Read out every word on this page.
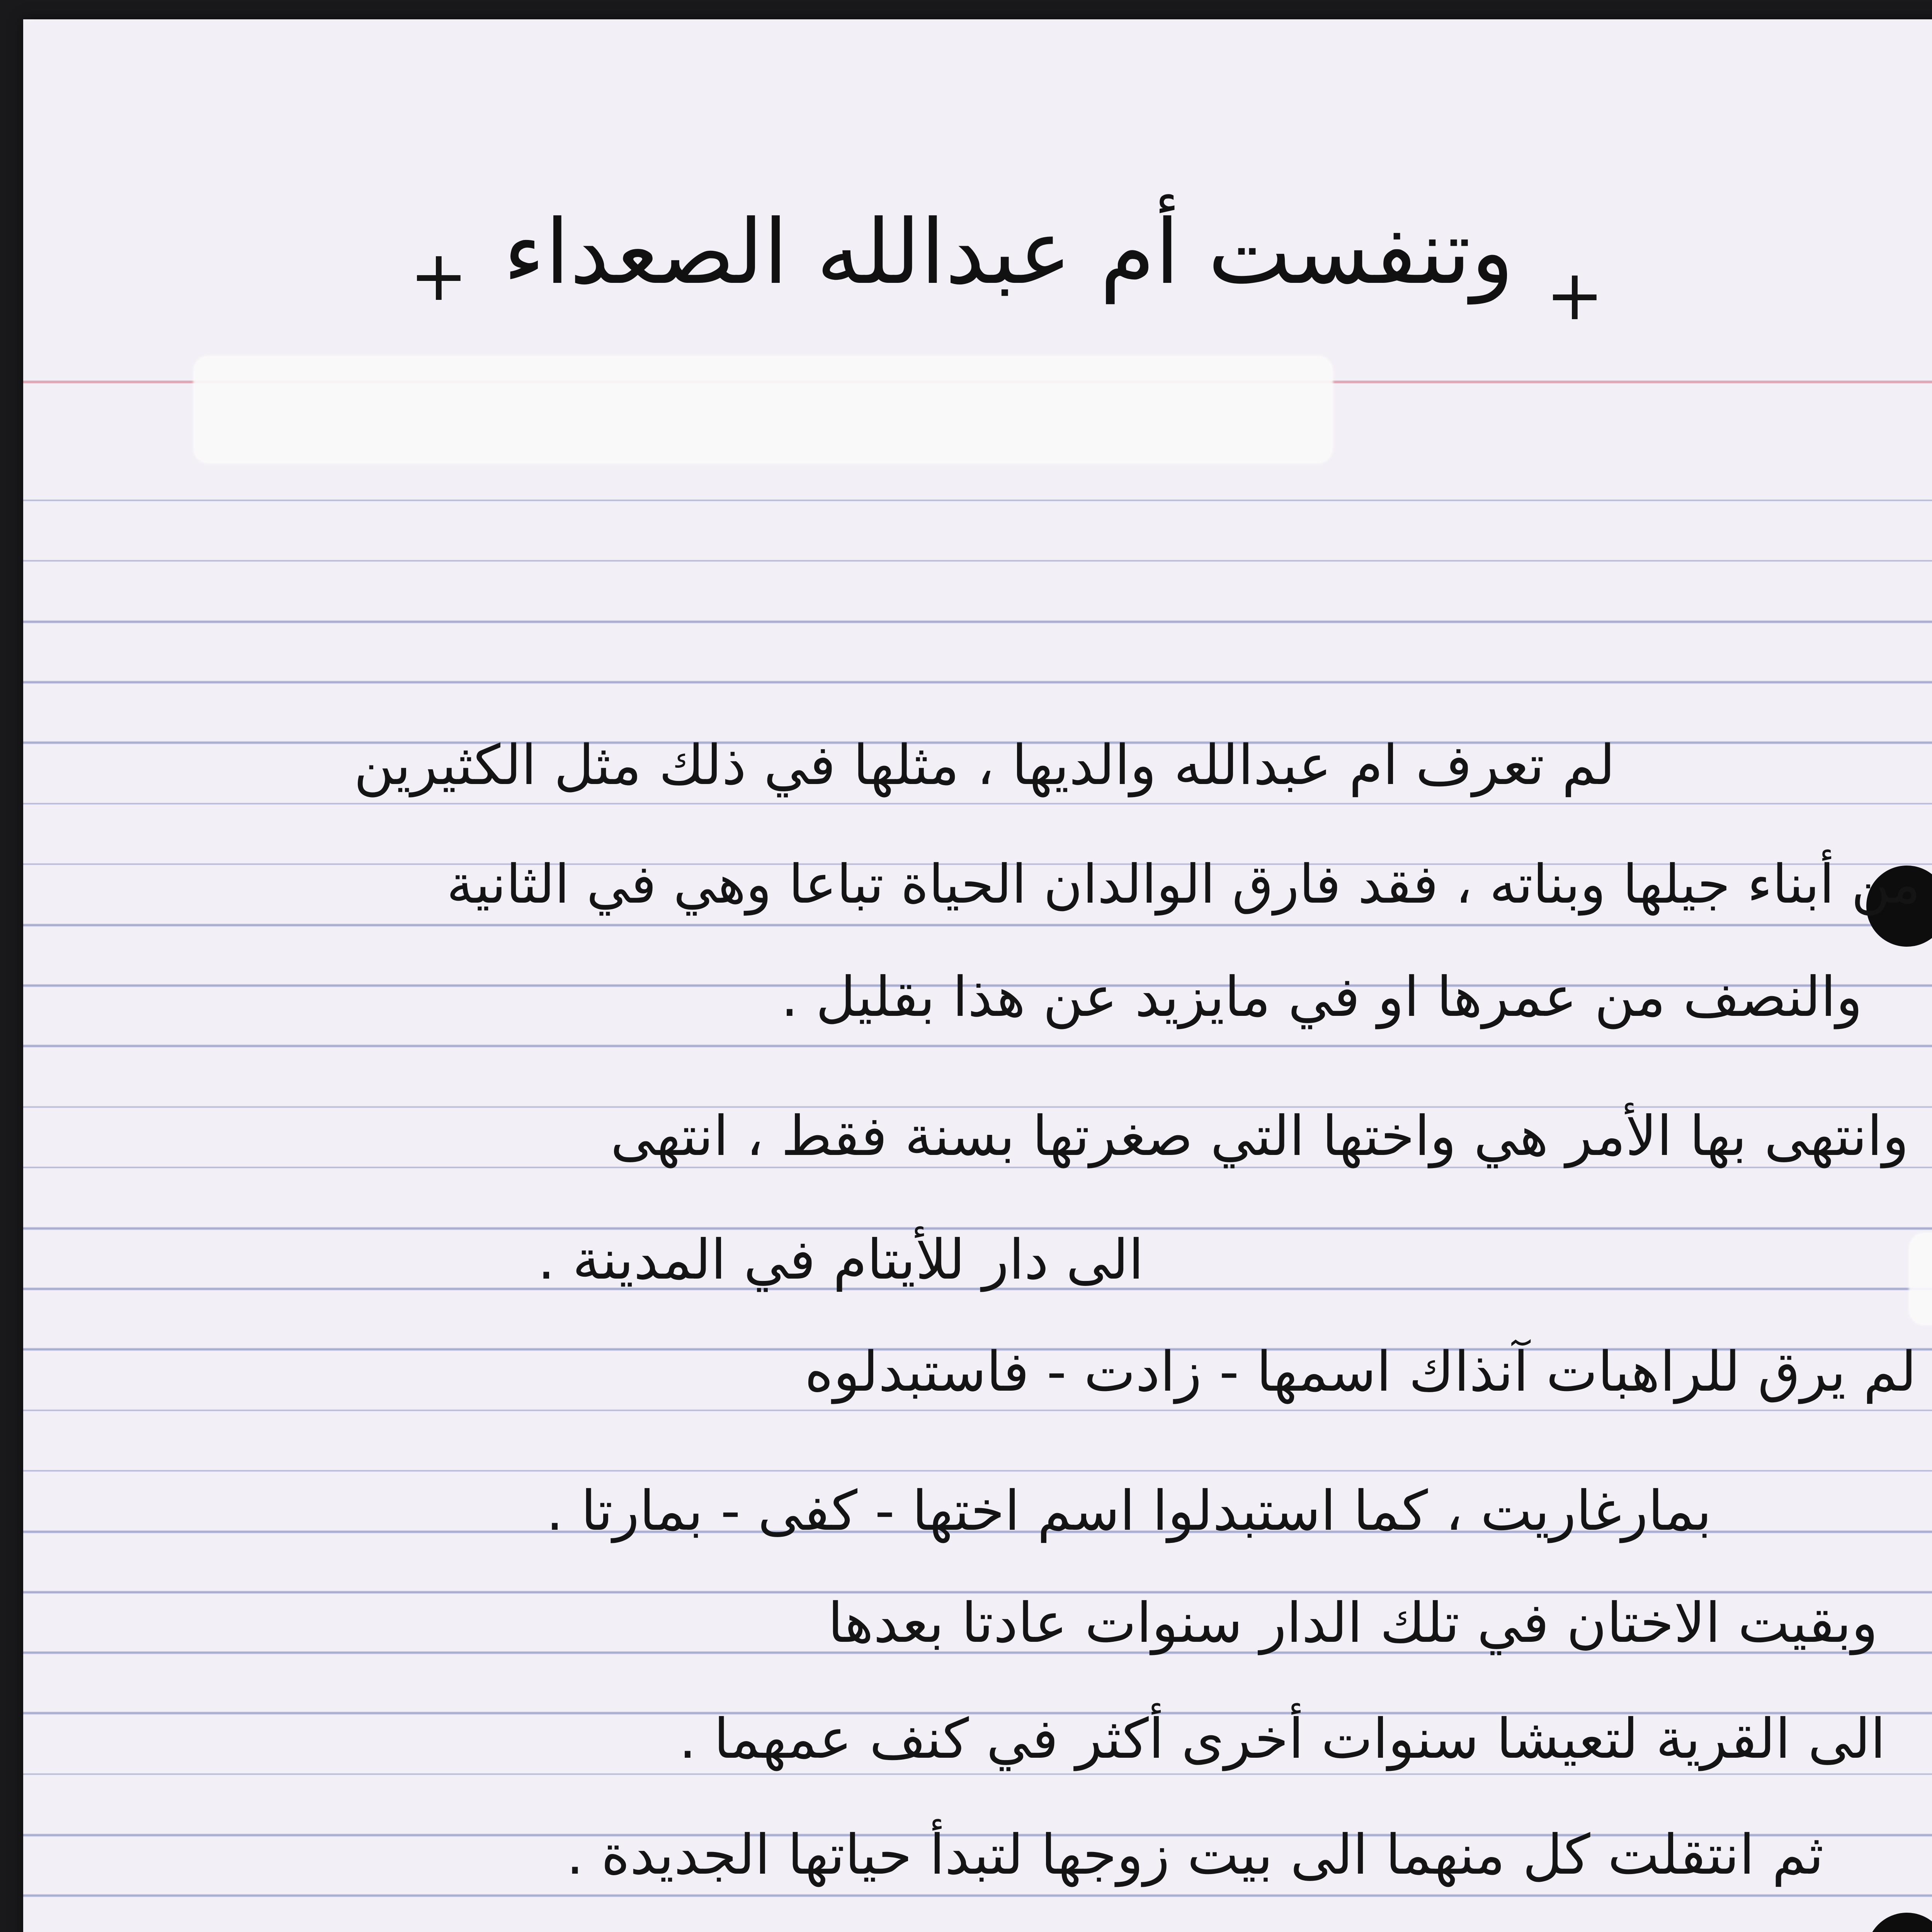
+ وتنفست أم عبدالله الصعداء +
لم تعرف ام عبدالله والديها ، مثلها في ذلك مثل الكثيرين
من أبناء جيلها وبناته ، فقد فارق الوالدان الحياة تباعا وهي في الثانية
والنصف من عمرها او في مايزيد عن هذا بقليل .
وانتهى بها الأمر هي واختها التي صغرتها بسنة فقط ، انتهى
الى دار للأيتام في المدينة .
لم يرق للراهبات آنذاك اسمها - زادت - فاستبدلوه
بمارغاريت ، كما استبدلوا اسم اختها - كفى - بمارتا .
وبقيت الاختان في تلك الدار سنوات عادتا بعدها
الى القرية لتعيشا سنوات أخرى أكثر في كنف عمهما .
ثم انتقلت كل منهما الى بيت زوجها لتبدأ حياتها الجديدة .
